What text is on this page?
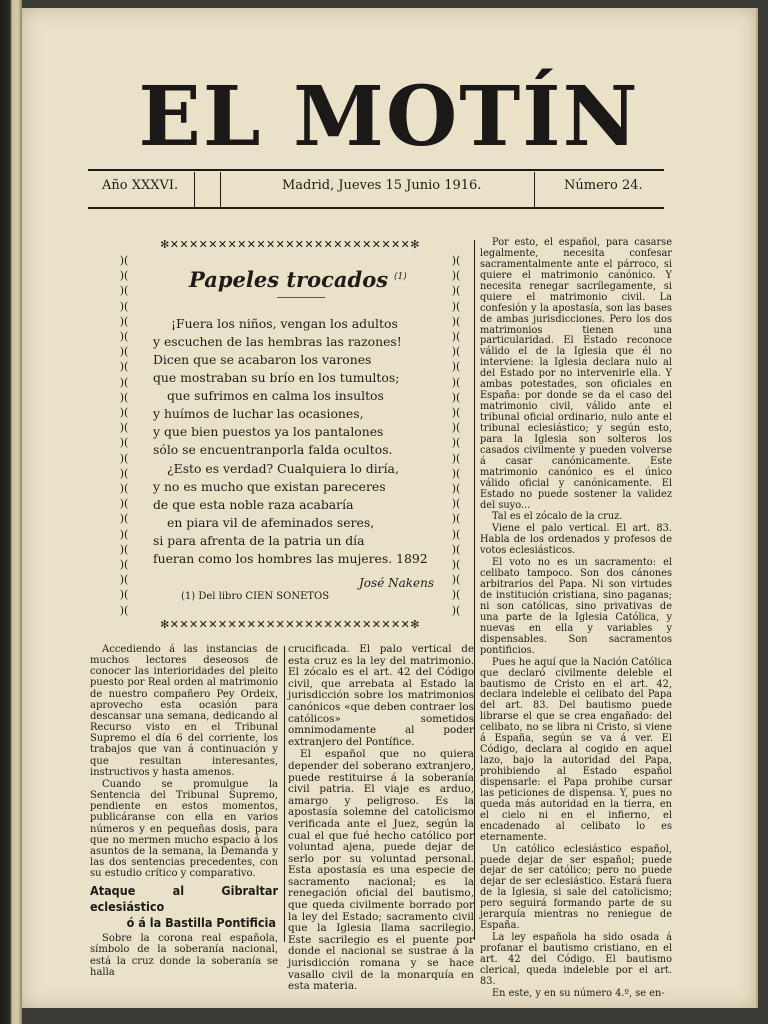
EL MOTÍN
Año XXXVI.	Madrid, Jueves 15 Junio 1916.	Número 24.
✻✕✕✕✕✕✕✕✕✕✕✕✕✕✕✕✕✕✕✕✕✕✕✕✕✕✻
)( )( )( )( )( )( )( )( )( )( )( )( )( )( )( )( )( )( )( )( )( )( )( )(
)( )( )( )( )( )( )( )( )( )( )( )( )( )( )( )( )( )( )( )( )( )( )( )(
✻✕✕✕✕✕✕✕✕✕✕✕✕✕✕✕✕✕✕✕✕✕✕✕✕✕✻
Papeles trocados $^{(1)}$
¡Fuera los niños, vengan los adultos
y escuchen de las hembras las razones!
Dicen que se acabaron los varones
que mostraban su brío en los tumultos;
que sufrimos en calma los insultos
y huímos de luchar las ocasiones,
y que bien puestos ya los pantalones
sólo se encuentranporla falda ocultos.
¿Esto es verdad? Cualquiera lo diría,
y no es mucho que existan pareceres
de que esta noble raza acabaría
en piara vil de afeminados seres,
si para afrenta de la patria un día
fueran como los hombres las mujeres. 1892
José Nakens
(1) Del libro CIEN SONETOS

Accediendo á las instancias de muchos lectores deseosos de conocer las interioridades del pleito puesto por Real orden al matrimonio de nuestro compañero Pey Ordeix, aprovecho esta ocasión para descansar una semana, dedicando al Recurso visto en el Tribunal Supremo el día 6 del corriente, los trabajos que van á continuación y que resultan interesantes, instructivos y hasta amenos.

Cuando se promulgue la Sentencia del Tribunal Supremo, pendiente en estos momentos, publicáranse con ella en varios números y en pequeñas dosis, para que no mermen mucho espacio á los asuntos de la semana, la Demanda y las dos sentencias precedentes, con su estudio crítico y comparativo.

Ataque al Gibraltar eclesiástico
ó á la Bastilla Pontificia

Sobre la corona real española, símbolo de la soberanía nacional, está la cruz donde la soberanía se halla

crucificada. El palo vertical de esta cruz es la ley del matrimonio. El zócalo es el art. 42 del Código civil, que arrebata al Estado la jurisdicción sobre los matrimonios canónicos «que deben contraer los católicos» sometidos omnimodamente al poder extranjero del Pontífice.

El español que no quiera depender del soberano extranjero, puede restituirse á la soberanía civil patria. El viaje es arduo, amargo y peligroso. Es la apostasía solemne del catolicismo verificada ante el Juez, según la cual el que fué hecho católico por voluntad ajena, puede dejar de serlo por su voluntad personal. Esta apostasía es una especie de sacramento nacional; es la renegación oficial del bautismo, que queda civilmente borrado por la ley del Estado; sacramento civil que la Iglesia llama sacrilegio. Este sacrilegio es el puente por donde el nacional se sustrae á la jurisdicción romana y se hace vasallo civil de la monarquía en esta materia.

Por esto, el español, para casarse legalmente, necesita confesar sacramentalmente ante el párroco, si quiere el matrimonio canónico. Y necesita renegar sacrílegamente, si quiere el matrimonio civil. La confesión y la apostasía, son las bases de ambas jurisdicciones. Pero los dos matrimonios tienen una particularidad. El Estado reconoce válido el de la Iglesia que él no interviene: la Iglesia declara nulo al del Estado por no intervenirle ella. Y ambas potestades, son oficiales en España: por donde se da el caso del matrimonio civil, válido ante el tribunal oficial ordinario, nulo ante el tribunal eclesiástico; y según esto, para la Iglesia son solteros los casados civilmente y pueden volverse á casar canónicamente. Este matrimonio canónico es el único válido oficial y canónicamente. El Estado no puede sostener la validez del suyo...

Tal es el zócalo de la cruz.

Viene el palo vertical. El art. 83. Habla de los ordenados y profesos de votos eclesiásticos.

El voto no es un sacramento: el celibato tampoco. Son dos cánones arbitrarios del Papa. Ni son virtudes de institución cristiana, sino paganas; ni son católicas, sino privativas de una parte de la Iglesia Católica, y nuevas en ella y variables y dispensables. Son sacramentos pontificios.

Pues he aquí que la Nación Católica que declaró civilmente deleble el bautismo de Cristo en el art. 42, declara indeleble el celibato del Papa del art. 83. Del bautismo puede librarse el que se crea engañado: del celibato, no se libra ni Cristo, si viene á España, según se va á ver. El Código, declara al cogido en aquel lazo, bajo la autoridad del Papa, prohibiendo al Estado español dispensarle: el Papa prohibe cursar las peticiones de dispensa. Y, pues no queda más autoridad en la tierra, en el cielo ni en el infierno, el encadenado al celibato lo es eternamente.

Un católico eclesiástico español, puede dejar de ser español; puede dejar de ser católico; pero no puede dejar de ser eclesiástico. Estará fuera de la Iglesia, si sale del catolicismo; pero seguirá formando parte de su jerarquía mientras no reniegue de España.

La ley española ha sido osada á profanar el bautismo cristiano, en el art. 42 del Código. El bautismo clerical, queda indeleble por el art. 83.

En este, y en su número 4.º, se en-
